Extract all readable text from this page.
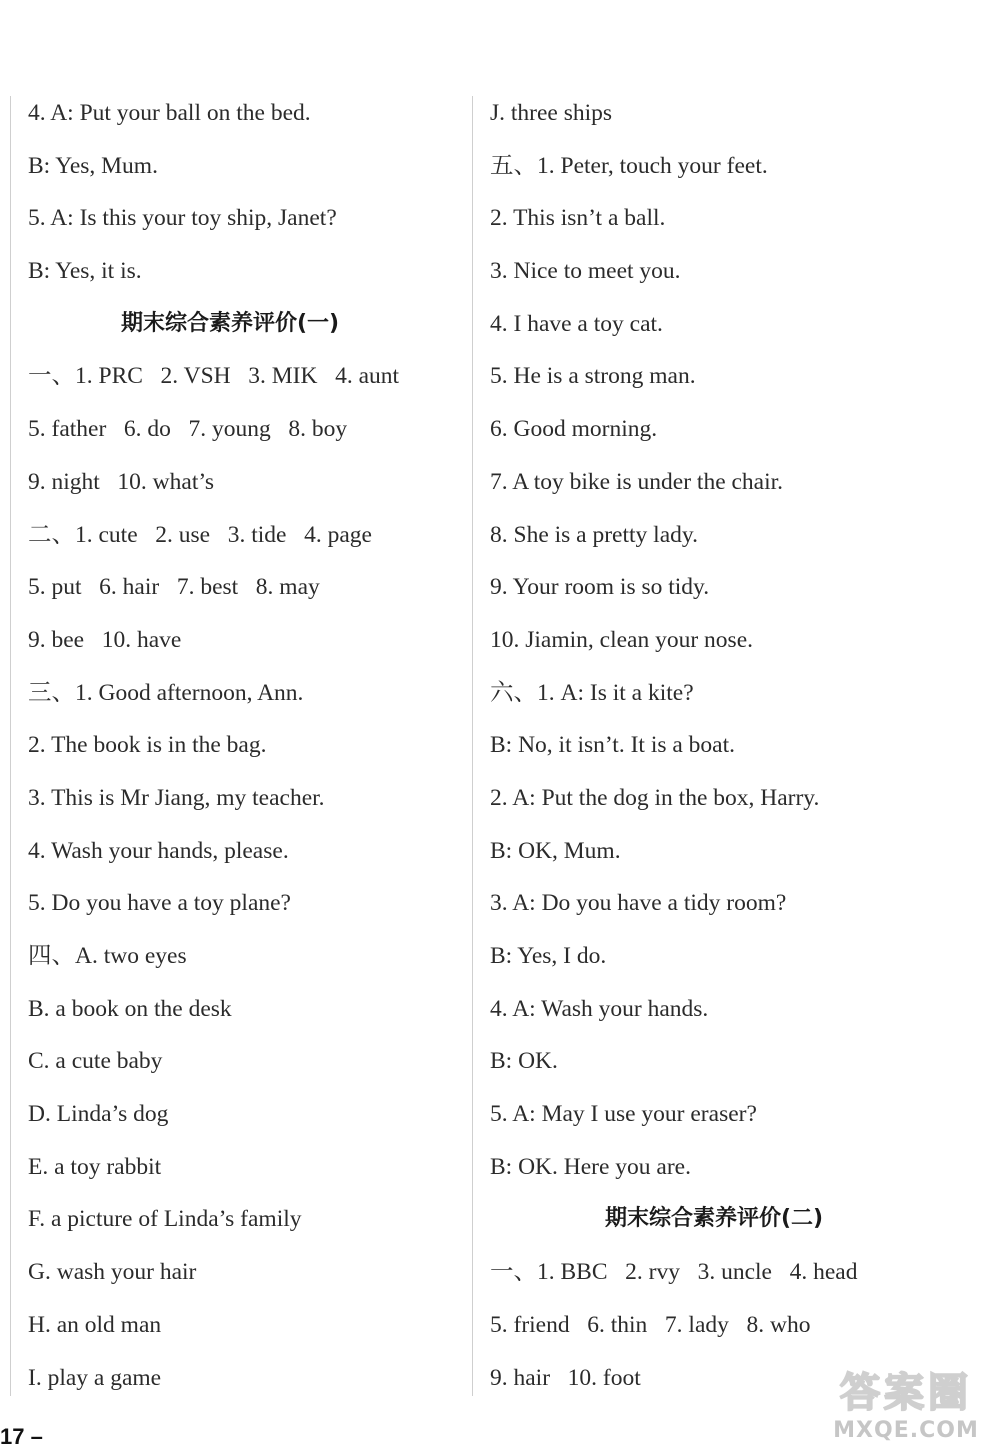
4. A: Put your ball on the bed.
B: Yes, Mum.
5. A: Is this your toy ship, Janet?
B: Yes, it is.
期末综合素养评价(一)
一、1. PRC   2. VSH   3. MIK   4. aunt
5. father   6. do   7. young   8. boy
9. night   10. what’s
二、1. cute   2. use   3. tide   4. page
5. put   6. hair   7. best   8. may
9. bee   10. have
三、1. Good afternoon, Ann.
2. The book is in the bag.
3. This is Mr Jiang, my teacher.
4. Wash your hands, please.
5. Do you have a toy plane?
四、A. two eyes
B. a book on the desk
C. a cute baby
D. Linda’s dog
E. a toy rabbit
F. a picture of Linda’s family
G. wash your hair
H. an old man
I. play a game
J. three ships
五、1. Peter, touch your feet.
2. This isn’t a ball.
3. Nice to meet you.
4. I have a toy cat.
5. He is a strong man.
6. Good morning.
7. A toy bike is under the chair.
8. She is a pretty lady.
9. Your room is so tidy.
10. Jiamin, clean your nose.
六、1. A: Is it a kite?
B: No, it isn’t. It is a boat.
2. A: Put the dog in the box, Harry.
B: OK, Mum.
3. A: Do you have a tidy room?
B: Yes, I do.
4. A: Wash your hands.
B: OK.
5. A: May I use your eraser?
B: OK. Here you are.
期末综合素养评价(二)
一、1. BBC   2. rvy   3. uncle   4. head
5. friend   6. thin   7. lady   8. who
9. hair   10. foot
17 –
答案圈
MXQE.COM
